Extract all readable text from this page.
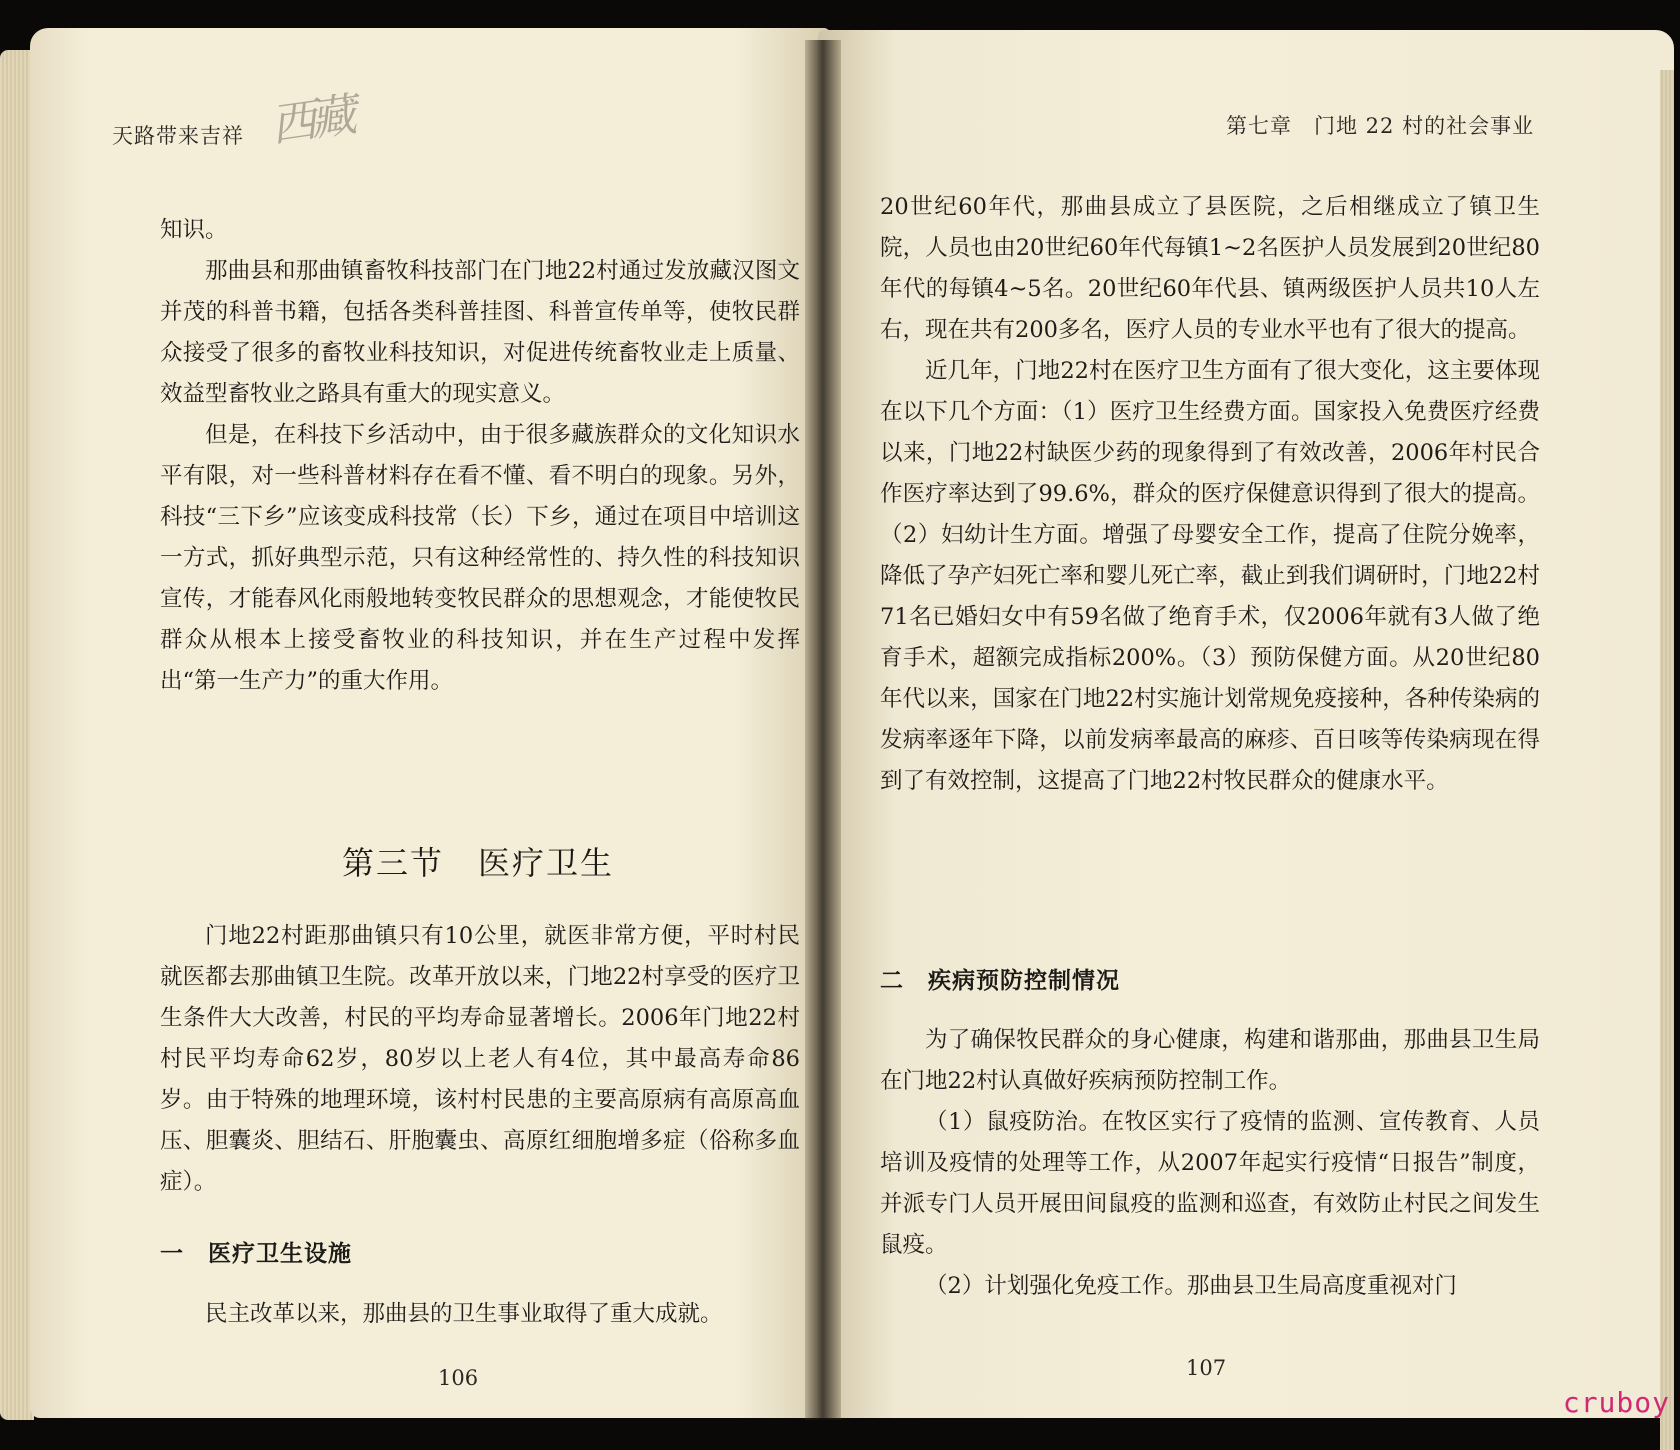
天路带来吉祥 西藏

知识。

那曲县和那曲镇畜牧科技部门在门地22村通过发放藏汉图文并茂的科普书籍，包括各类科普挂图、科普宣传单等，使牧民群众接受了很多的畜牧业科技知识，对促进传统畜牧业走上质量、效益型畜牧业之路具有重大的现实意义。

但是，在科技下乡活动中，由于很多藏族群众的文化知识水平有限，对一些科普材料存在看不懂、看不明白的现象。另外，科技“三下乡”应该变成科技常（长）下乡，通过在项目中培训这一方式，抓好典型示范，只有这种经常性的、持久性的科技知识宣传，才能春风化雨般地转变牧民群众的思想观念，才能使牧民群众从根本上接受畜牧业的科技知识，并在生产过程中发挥出“第一生产力”的重大作用。

第三节　医疗卫生

门地22村距那曲镇只有10公里，就医非常方便，平时村民就医都去那曲镇卫生院。改革开放以来，门地22村享受的医疗卫生条件大大改善，村民的平均寿命显著增长。2006年门地22村村民平均寿命62岁，80岁以上老人有4位，其中最高寿命86岁。由于特殊的地理环境，该村村民患的主要高原病有高原高血压、胆囊炎、胆结石、肝胞囊虫、高原红细胞增多症（俗称多血症）。

一　医疗卫生设施

民主改革以来，那曲县的卫生事业取得了重大成就。

106
第七章　门地 22 村的社会事业

20世纪60年代，那曲县成立了县医院，之后相继成立了镇卫生院，人员也由20世纪60年代每镇1~2名医护人员发展到20世纪80年代的每镇4~5名。20世纪60年代县、镇两级医护人员共10人左右，现在共有200多名，医疗人员的专业水平也有了很大的提高。

近几年，门地22村在医疗卫生方面有了很大变化，这主要体现在以下几个方面：（1）医疗卫生经费方面。国家投入免费医疗经费以来，门地22村缺医少药的现象得到了有效改善，2006年村民合作医疗率达到了99.6%，群众的医疗保健意识得到了很大的提高。（2）妇幼计生方面。增强了母婴安全工作，提高了住院分娩率，降低了孕产妇死亡率和婴儿死亡率，截止到我们调研时，门地22村71名已婚妇女中有59名做了绝育手术，仅2006年就有3人做了绝育手术，超额完成指标200%。（3）预防保健方面。从20世纪80年代以来，国家在门地22村实施计划常规免疫接种，各种传染病的发病率逐年下降，以前发病率最高的麻疹、百日咳等传染病现在得到了有效控制，这提高了门地22村牧民群众的健康水平。

二　疾病预防控制情况

为了确保牧民群众的身心健康，构建和谐那曲，那曲县卫生局在门地22村认真做好疾病预防控制工作。

（1）鼠疫防治。在牧区实行了疫情的监测、宣传教育、人员培训及疫情的处理等工作，从2007年起实行疫情“日报告”制度，并派专门人员开展田间鼠疫的监测和巡查，有效防止村民之间发生鼠疫。

（2）计划强化免疫工作。那曲县卫生局高度重视对门

107
cruboy
